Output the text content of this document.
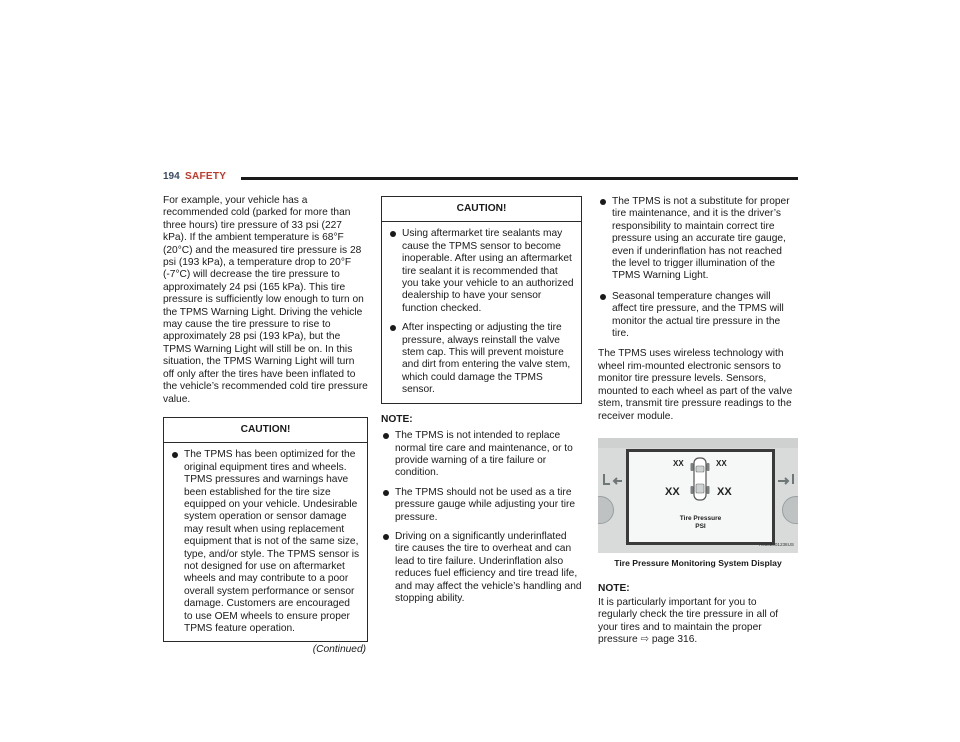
194 SAFETY

For example, your vehicle has a recommended cold (parked for more than three hours) tire pressure of 33 psi (227 kPa). If the ambient temperature is 68°F (20°C) and the measured tire pressure is 28 psi (193 kPa), a temperature drop to 20°F (-7°C) will decrease the tire pressure to approximately 24 psi (165 kPa). This tire pressure is sufficiently low enough to turn on the TPMS Warning Light. Driving the vehicle may cause the tire pressure to rise to approximately 28 psi (193 kPa), but the TPMS Warning Light will still be on. In this situation, the TPMS Warning Light will turn off only after the tires have been inflated to the vehicle’s recommended cold tire pressure value.

CAUTION!
The TPMS has been optimized for the original equipment tires and wheels. TPMS pressures and warnings have been established for the tire size equipped on your vehicle. Undesirable system operation or sensor damage may result when using replacement equipment that is not of the same size, type, and/or style. The TPMS sensor is not designed for use on aftermarket wheels and may contribute to a poor overall system performance or sensor damage. Customers are encouraged to use OEM wheels to ensure proper TPMS feature operation.
(Continued)
CAUTION!
Using aftermarket tire sealants may cause the TPMS sensor to become inoperable. After using an aftermarket tire sealant it is recommended that you take your vehicle to an authorized dealership to have your sensor function checked.
After inspecting or adjusting the tire pressure, always reinstall the valve stem cap. This will prevent moisture and dirt from entering the valve stem, which could damage the TPMS sensor.
NOTE:
The TPMS is not intended to replace normal tire care and maintenance, or to provide warning of a tire failure or condition.
The TPMS should not be used as a tire pressure gauge while adjusting your tire pressure.
Driving on a significantly underinflated tire causes the tire to overheat and can lead to tire failure. Underinflation also reduces fuel efficiency and tire tread life, and may affect the vehicle’s handling and stopping ability.
The TPMS is not a substitute for proper tire maintenance, and it is the driver’s responsibility to maintain correct tire pressure using an accurate tire gauge, even if underinflation has not reached the level to trigger illumination of the TPMS Warning Light.
Seasonal temperature changes will affect tire pressure, and the TPMS will monitor the actual tire pressure in the tire.

The TPMS uses wireless technology with wheel rim-mounted electronic sensors to monitor tire pressure levels. Sensors, mounted to each wheel as part of the valve stem, transmit tire pressure readings to the receiver module.

XX	XX
XX	XX
Tire Pressure
PSI
A0502001238US
Tire Pressure Monitoring System Display
NOTE:

It is particularly important for you to regularly check the tire pressure in all of your tires and to maintain the proper pressure ⇨ page 316.
